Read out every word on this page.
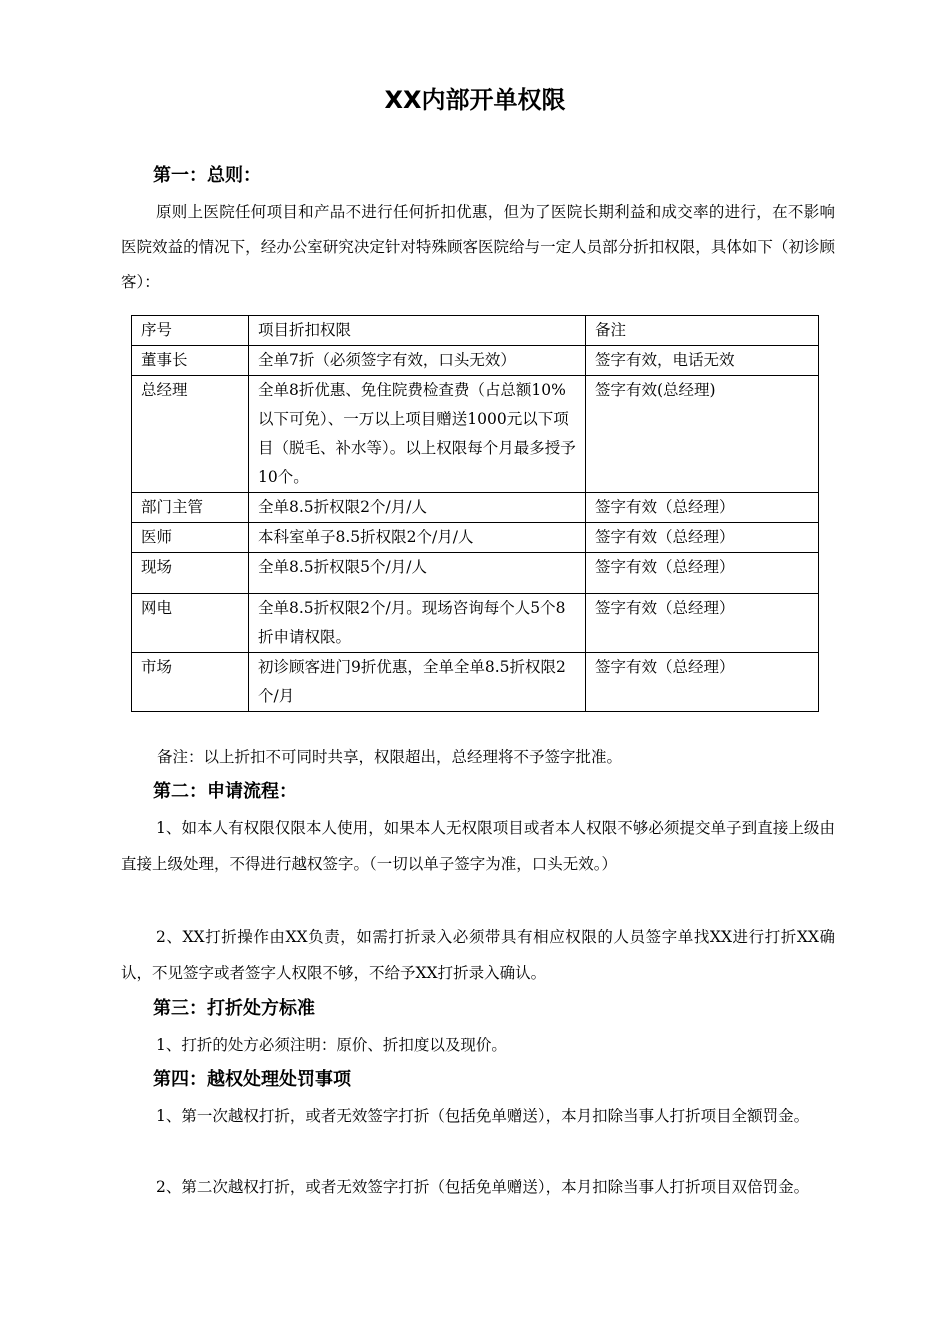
XX内部开单权限
第一：总则：
原则上医院任何项目和产品不进行任何折扣优惠，但为了医院长期利益和成交率的进行，在不影响医院效益的情况下，经办公室研究决定针对特殊顾客医院给与一定人员部分折扣权限，具体如下（初诊顾客）：
序号	项目折扣权限	备注
董事长	全单7折（必须签字有效，口头无效）	签字有效，电话无效
总经理	全单8折优惠、免住院费检查费（占总额10%以下可免）、一万以上项目赠送1000元以下项目（脱毛、补水等）。以上权限每个月最多授予10个。	签字有效(总经理)
部门主管	全单8.5折权限2个/月/人	签字有效（总经理）
医师	本科室单子8.5折权限2个/月/人	签字有效（总经理）
现场	全单8.5折权限5个/月/人	签字有效（总经理）
网电	全单8.5折权限2个/月。现场咨询每个人5个8折申请权限。	签字有效（总经理）
市场	初诊顾客进门9折优惠，全单全单8.5折权限2个/月	签字有效（总经理）
备注：以上折扣不可同时共享，权限超出，总经理将不予签字批准。
第二：申请流程：
1、如本人有权限仅限本人使用，如果本人无权限项目或者本人权限不够必须提交单子到直接上级由直接上级处理，不得进行越权签字。（一切以单子签字为准，口头无效。）
2、XX打折操作由XX负责，如需打折录入必须带具有相应权限的人员签字单找XX进行打折XX确认，不见签字或者签字人权限不够，不给予XX打折录入确认。
第三：打折处方标准
1、打折的处方必须注明：原价、折扣度以及现价。
第四：越权处理处罚事项
1、第一次越权打折，或者无效签字打折（包括免单赠送），本月扣除当事人打折项目全额罚金。
2、第二次越权打折，或者无效签字打折（包括免单赠送），本月扣除当事人打折项目双倍罚金。
